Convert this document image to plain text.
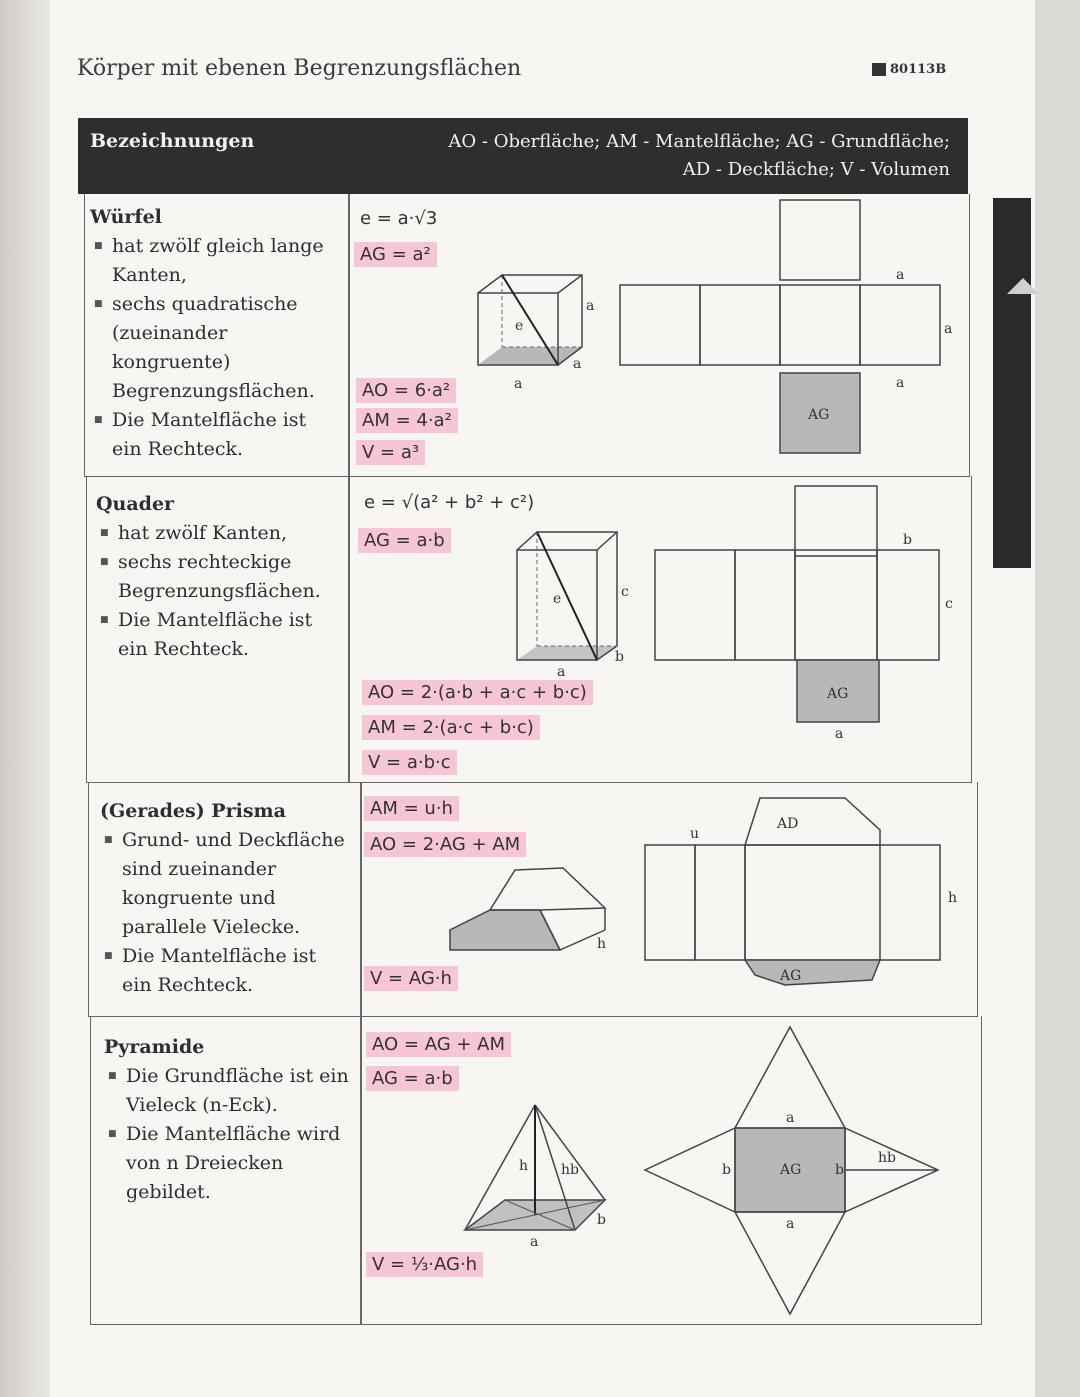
Körper mit ebenen Begrenzungsflächen	80113B
Bezeichnungen	AO - Oberfläche; AM - Mantelfläche; AG - Grundfläche;
AD - Deckfläche; V - Volumen
Würfel
■ hat zwölf gleich lange Kanten,
■ sechs quadratische (zueinander kongruente) Begrenzungsflächen.
■ Die Mantelfläche ist ein Rechteck.
e = a·√3
AG = a²
AO = 6·a²
AM = 4·a²
V = a³
e
a
a
a
AG
a
a
a
Quader
■ hat zwölf Kanten,
■ sechs rechteckige Begrenzungsflächen.
■ Die Mantelfläche ist ein Rechteck.
e = √(a² + b² + c²)
AG = a·b
AO = 2·(a·b + a·c + b·c)
AM = 2·(a·c + b·c)
V = a·b·c
e	c
b
a
AG
a
b
c
(Gerades) Prisma
■ Grund- und Deckfläche sind zueinander kongruente und parallele Vielecke.
■ Die Mantelfläche ist ein Rechteck.
AM = u·h
AO = 2·AG + AM
V = AG·h
h
AD
u
AG
h
Pyramide
■ Die Grundfläche ist ein Vieleck (n-Eck).
■ Die Mantelfläche wird von n Dreiecken gebildet.
AO = AG + AM
AG = a·b
V = ⅓·AG·h
h hb
b
a
AG
a
a
b	b
hb
